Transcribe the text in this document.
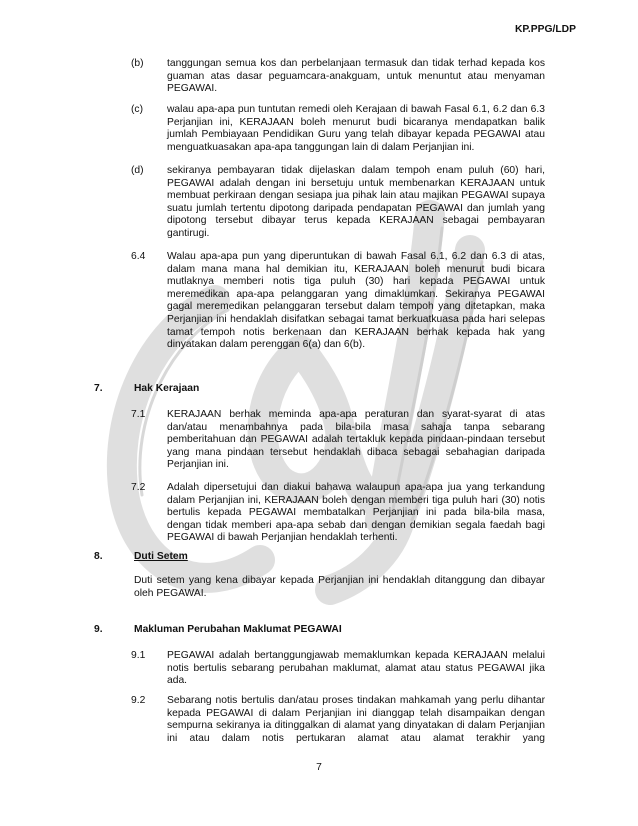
KP.PPG/LDP
(b) tanggungan semua kos dan perbelanjaan termasuk dan tidak terhad kepada kos guaman atas dasar peguamcara-anakguam, untuk menuntut atau menyaman PEGAWAI.
(c) walau apa-apa pun tuntutan remedi oleh Kerajaan di bawah Fasal 6.1, 6.2 dan 6.3 Perjanjian ini, KERAJAAN boleh menurut budi bicaranya mendapatkan balik jumlah Pembiayaan Pendidikan Guru yang telah dibayar kepada PEGAWAI atau menguatkuasakan apa-apa tanggungan lain di dalam Perjanjian ini.
(d) sekiranya pembayaran tidak dijelaskan dalam tempoh enam puluh (60) hari, PEGAWAI adalah dengan ini bersetuju untuk membenarkan KERAJAAN untuk membuat perkiraan dengan sesiapa jua pihak lain atau majikan PEGAWAI supaya suatu jumlah tertentu dipotong daripada pendapatan PEGAWAI dan jumlah yang dipotong tersebut dibayar terus kepada KERAJAAN sebagai pembayaran gantirugi.
6.4 Walau apa-apa pun yang diperuntukan di bawah Fasal 6.1, 6.2 dan 6.3 di atas, dalam mana mana hal demikian itu, KERAJAAN boleh menurut budi bicara mutlaknya memberi notis tiga puluh (30) hari kepada PEGAWAI untuk meremedikan apa-apa pelanggaran yang dimaklumkan. Sekiranya PEGAWAI gagal meremedikan pelanggaran tersebut dalam tempoh yang ditetapkan, maka Perjanjian ini hendaklah disifatkan sebagai tamat berkuatkuasa pada hari selepas tamat tempoh notis berkenaan dan KERAJAAN berhak kepada hak yang dinyatakan dalam perenggan 6(a) dan 6(b).
7.	Hak Kerajaan
7.1 KERAJAAN berhak meminda apa-apa peraturan dan syarat-syarat di atas dan/atau menambahnya pada bila-bila masa sahaja tanpa sebarang pemberitahuan dan PEGAWAI adalah tertakluk kepada pindaan-pindaan tersebut yang mana pindaan tersebut hendaklah dibaca sebagai sebahagian daripada Perjanjian ini.
7.2 Adalah dipersetujui dan diakui bahawa walaupun apa-apa jua yang terkandung dalam Perjanjian ini, KERAJAAN boleh dengan memberi tiga puluh hari (30) notis bertulis kepada PEGAWAI membatalkan Perjanjian ini pada bila-bila masa, dengan tidak memberi apa-apa sebab dan dengan demikian segala faedah bagi PEGAWAI di bawah Perjanjian hendaklah terhenti.
8.	Duti Setem
Duti setem yang kena dibayar kepada Perjanjian ini hendaklah ditanggung dan dibayar oleh PEGAWAI.
9.	Makluman Perubahan Maklumat PEGAWAI
9.1 PEGAWAI adalah bertanggungjawab memaklumkan kepada KERAJAAN melalui notis bertulis sebarang perubahan maklumat, alamat atau status PEGAWAI jika ada.
9.2 Sebarang notis bertulis dan/atau proses tindakan mahkamah yang perlu dihantar kepada PEGAWAI di dalam Perjanjian ini dianggap telah disampaikan dengan sempurna sekiranya ia ditinggalkan di alamat yang dinyatakan di dalam Perjanjian ini atau dalam notis pertukaran alamat atau alamat terakhir yang
7
